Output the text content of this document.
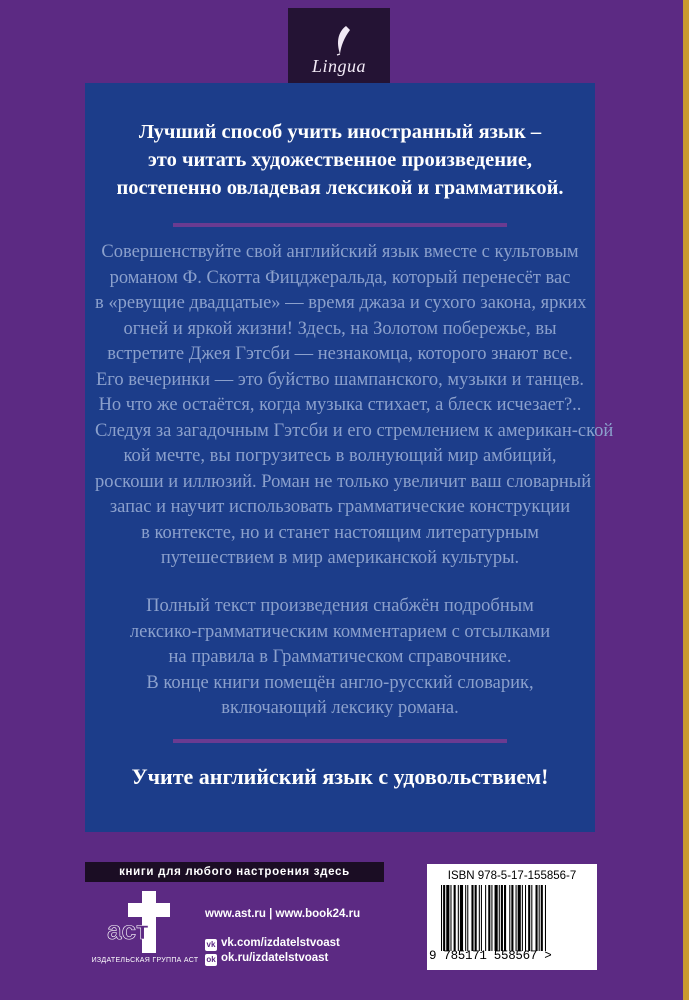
Lingua
Лучший способ учить иностранный язык –
это читать художественное произведение,
постепенно овладевая лексикой и грамматикой.
Совершенствуйте свой английский язык вместе с культовым
романом Ф. Скотта Фицджеральда, который перенесёт вас
в «ревущие двадцатые» — время джаза и сухого закона, ярких
огней и яркой жизни! Здесь, на Золотом побережье, вы
встретите Джея Гэтсби — незнакомца, которого знают все.
Его вечеринки — это буйство шампанского, музыки и танцев.
Но что же остаётся, когда музыка стихает, а блеск исчезает?..
Следуя за загадочным Гэтсби и его стремлением к американ-ской
кой мечте, вы погрузитесь в волнующий мир амбиций,
роскоши и иллюзий. Роман не только увеличит ваш словарный
запас и научит использовать грамматические конструкции
в контексте, но и станет настоящим литературным
путешествием в мир американской культуры.
Полный текст произведения снабжён подробным
лексико-грамматическим комментарием с отсылками
на правила в Грамматическом справочнике.
В конце книги помещён англо-русский словарик,
включающий лексику романа.
Учите английский язык с удовольствием!
книги для любого настроения здесь
аст
ИЗДАТЕЛЬСКАЯ ГРУППА АСТ
www.ast.ru | www.book24.ru
vk vk.com/izdatelstvoast
ok ok.ru/izdatelstvoast
ISBN 978-5-17-155856-7
9 785171 558567 >
